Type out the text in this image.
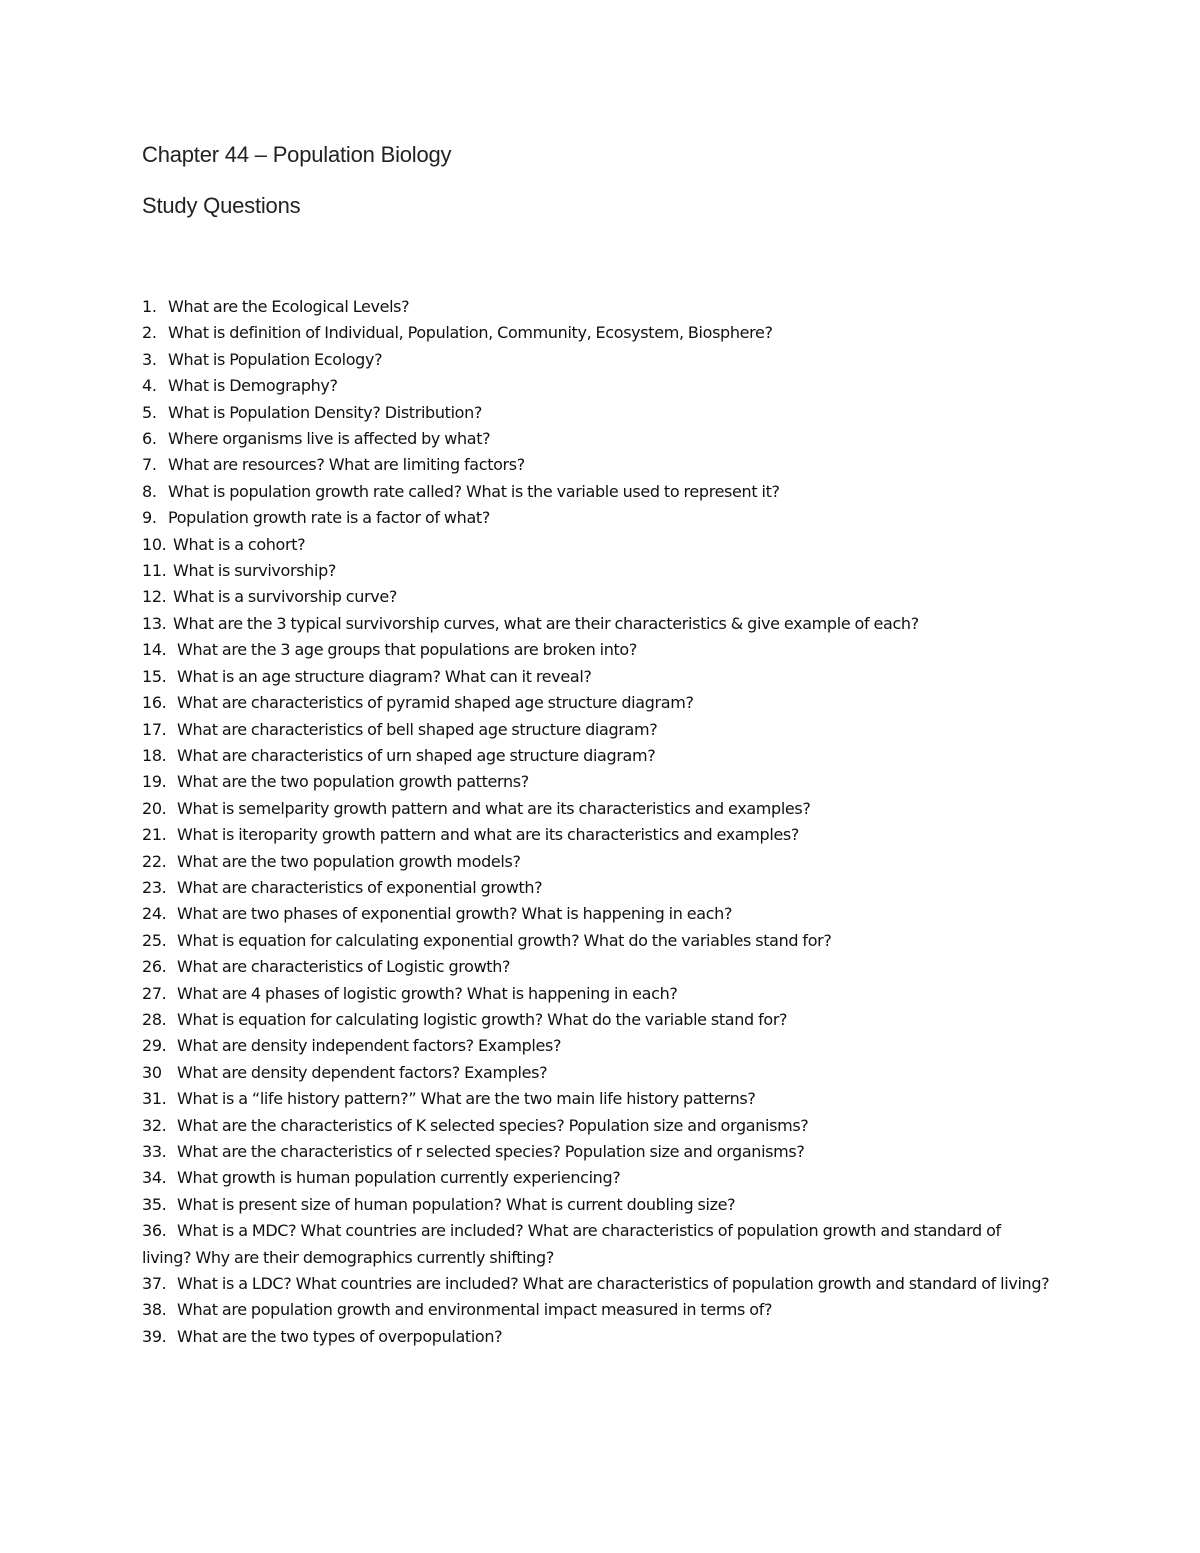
Chapter 44 – Population Biology
Study Questions
1. What are the Ecological Levels?
2. What is definition of Individual, Population, Community, Ecosystem, Biosphere?
3. What is Population Ecology?
4. What is Demography?
5. What is Population Density? Distribution?
6. Where organisms live is affected by what?
7. What are resources? What are limiting factors?
8. What is population growth rate called? What is the variable used to represent it?
9. Population growth rate is a factor of what?
10. What is a cohort?
11. What is survivorship?
12. What is a survivorship curve?
13. What are the 3 typical survivorship curves, what are their characteristics & give example of each?
14. What are the 3 age groups that populations are broken into?
15. What is an age structure diagram? What can it reveal?
16. What are characteristics of pyramid shaped age structure diagram?
17. What are characteristics of bell shaped age structure diagram?
18. What are characteristics of urn shaped age structure diagram?
19. What are the two population growth patterns?
20. What is semelparity growth pattern and what are its characteristics and examples?
21. What is iteroparity growth pattern and what are its characteristics and examples?
22. What are the two population growth models?
23. What are characteristics of exponential growth?
24. What are two phases of exponential growth? What is happening in each?
25. What is equation for calculating exponential growth? What do the variables stand for?
26. What are characteristics of Logistic growth?
27. What are 4 phases of logistic growth? What is happening in each?
28. What is equation for calculating logistic growth? What do the variable stand for?
29. What are density independent factors? Examples?
30 What are density dependent factors? Examples?
31. What is a “life history pattern?” What are the two main life history patterns?
32. What are the characteristics of K selected species? Population size and organisms?
33. What are the characteristics of r selected species? Population size and organisms?
34. What growth is human population currently experiencing?
35. What is present size of human population? What is current doubling size?
36. What is a MDC? What countries are included? What are characteristics of population growth and standard of living? Why are their demographics currently shifting?
37. What is a LDC? What countries are included? What are characteristics of population growth and standard of living?
38. What are population growth and environmental impact measured in terms of?
39. What are the two types of overpopulation?
